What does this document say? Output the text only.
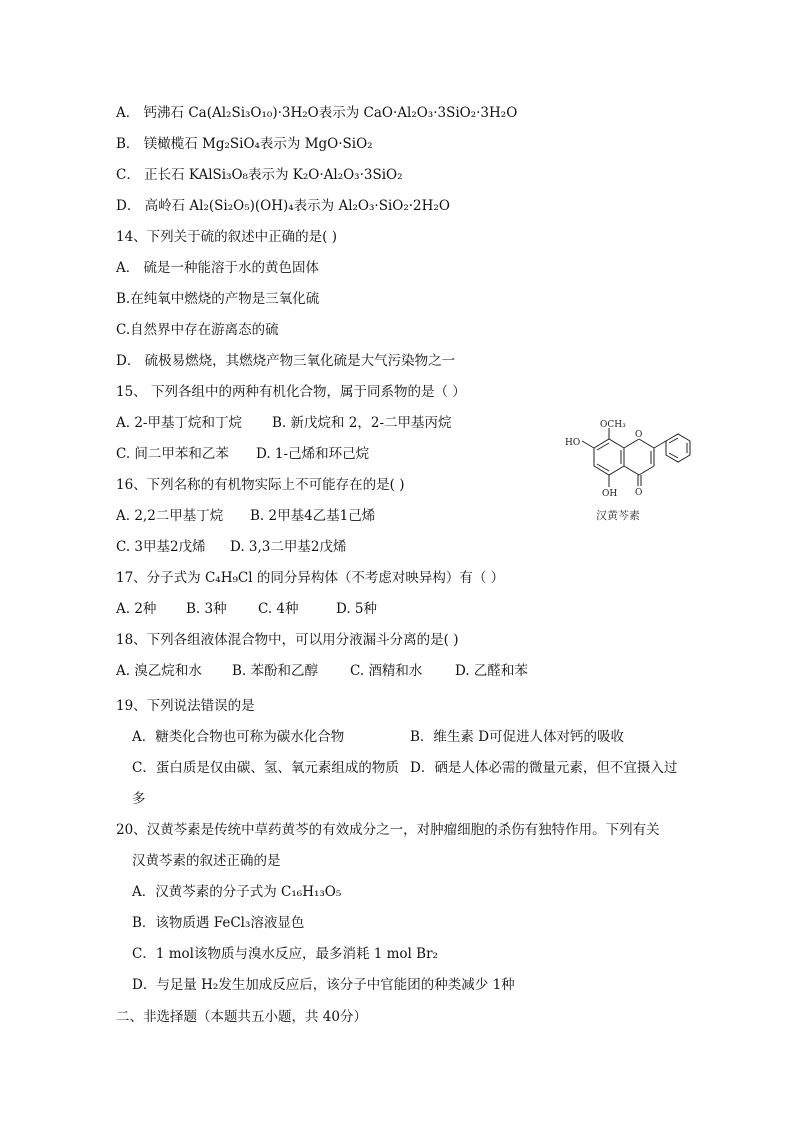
A． 钙沸石 Ca(Al₂Si₃O₁₀)·3H₂O表示为 CaO·Al₂O₃·3SiO₂·3H₂O
B． 镁橄榄石 Mg₂SiO₄表示为 MgO·SiO₂
C． 正长石 KAlSi₃O₈表示为 K₂O·Al₂O₃·3SiO₂
D． 高岭石 Al₂(Si₂O₅)(OH)₄表示为 Al₂O₃·SiO₂·2H₂O
14、下列关于硫的叙述中正确的是( )
A． 硫是一种能溶于水的黄色固体
B.在纯氧中燃烧的产物是三氧化硫
C.自然界中存在游离态的硫
D． 硫极易燃烧，其燃烧产物三氧化硫是大气污染物之一
15、 下列各组中的两种有机化合物，属于同系物的是（ ）
A. 2-甲基丁烷和丁烷 B. 新戊烷和 2，2-二甲基丙烷
C. 间二甲苯和乙苯 D. 1-己烯和环己烷
16、下列名称的有机物实际上不可能存在的是( )
A. 2,2二甲基丁烷 B. 2甲基4乙基1己烯
C. 3甲基2戊烯 D. 3,3二甲基2戊烯
17、分子式为 C₄H₉Cl 的同分异构体（不考虑对映异构）有（ ）
A. 2种 B. 3种 C. 4种	D. 5种
18、下列各组液体混合物中，可以用分液漏斗分离的是( )
A. 溴乙烷和水 B. 苯酚和乙醇 C. 酒精和水 D. 乙醛和苯
19、下列说法错误的是
A．糖类化合物也可称为碳水化合物	B．维生素 D可促进人体对钙的吸收
C．蛋白质是仅由碳、氢、氧元素组成的物质 D．硒是人体必需的微量元素，但不宜摄入过
多
20、汉黄芩素是传统中草药黄芩的有效成分之一，对肿瘤细胞的杀伤有独特作用。下列有关
汉黄芩素的叙述正确的是
A．汉黄芩素的分子式为 C₁₆H₁₃O₅
B．该物质遇 FeCl₃溶液显色
C．1 mol该物质与溴水反应，最多消耗 1 mol Br₂
D．与足量 H₂发生加成反应后，该分子中官能团的种类减少 1种
二、非选择题（本题共五小题，共 40分）
OCH₃
HO
O
OH O
汉黄芩素
